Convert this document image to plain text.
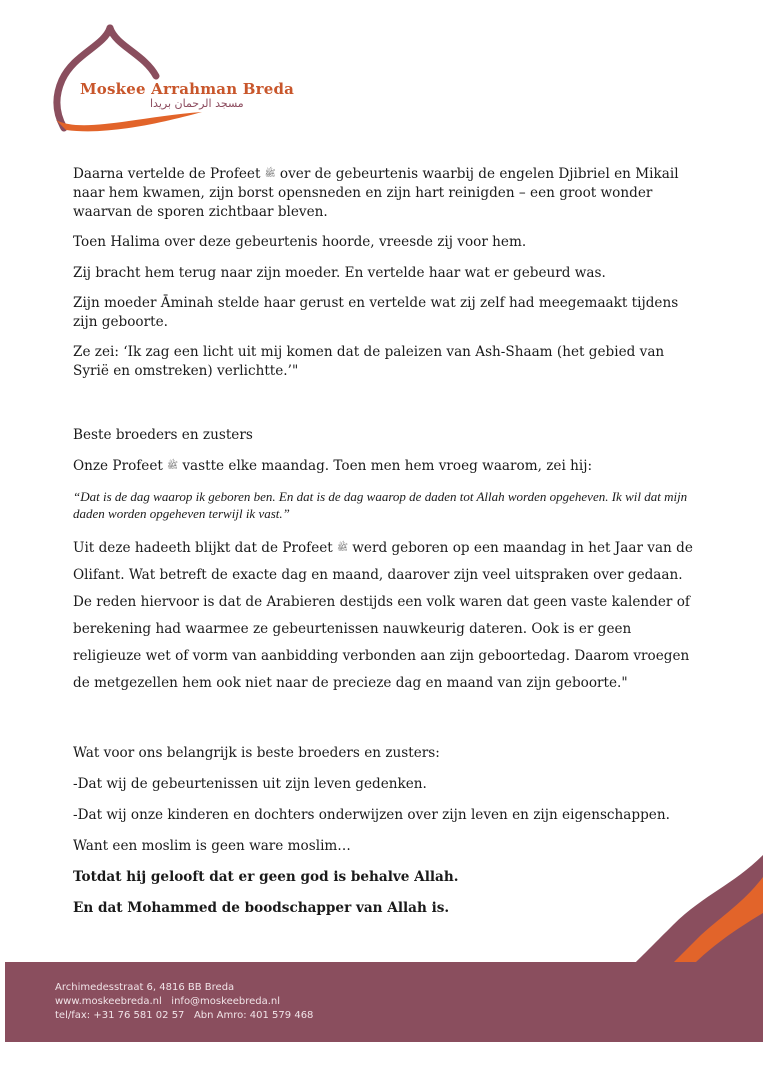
Moskee Arrahman Breda
مسجد الرحمان بريدا

Daarna vertelde de Profeet ﷺ over de gebeurtenis waarbij de engelen Djibriel en Mikail naar hem kwamen, zijn borst opensneden en zijn hart reinigden – een groot wonder waarvan de sporen zichtbaar bleven.

Toen Halima over deze gebeurtenis hoorde, vreesde zij voor hem.

Zij bracht hem terug naar zijn moeder. En vertelde haar wat er gebeurd was.

Zijn moeder Āminah stelde haar gerust en vertelde wat zij zelf had meegemaakt tijdens zijn geboorte.

Ze zei: ‘Ik zag een licht uit mij komen dat de paleizen van Ash-Shaam (het gebied van Syrië en omstreken) verlichtte.’"

Beste broeders en zusters

Onze Profeet ﷺ vastte elke maandag. Toen men hem vroeg waarom, zei hij:

“Dat is de dag waarop ik geboren ben. En dat is de dag waarop de daden tot Allah worden opgeheven. Ik wil dat mijn daden worden opgeheven terwijl ik vast.”

Uit deze hadeeth blijkt dat de Profeet ﷺ werd geboren op een maandag in het Jaar van de Olifant. Wat betreft de exacte dag en maand, daarover zijn veel uitspraken over gedaan. De reden hiervoor is dat de Arabieren destijds een volk waren dat geen vaste kalender of berekening had waarmee ze gebeurtenissen nauwkeurig dateren. Ook is er geen religieuze wet of vorm van aanbidding verbonden aan zijn geboortedag. Daarom vroegen de metgezellen hem ook niet naar de precieze dag en maand van zijn geboorte."

Wat voor ons belangrijk is beste broeders en zusters:

-Dat wij de gebeurtenissen uit zijn leven gedenken.

-Dat wij onze kinderen en dochters onderwijzen over zijn leven en zijn eigenschappen.

Want een moslim is geen ware moslim…

Totdat hij gelooft dat er geen god is behalve Allah.

En dat Mohammed de boodschapper van Allah is.

Archimedesstraat 6, 4816 BB Breda
www.moskeebreda.nl   info@moskeebreda.nl
tel/fax: +31 76 581 02 57   Abn Amro: 401 579 468
